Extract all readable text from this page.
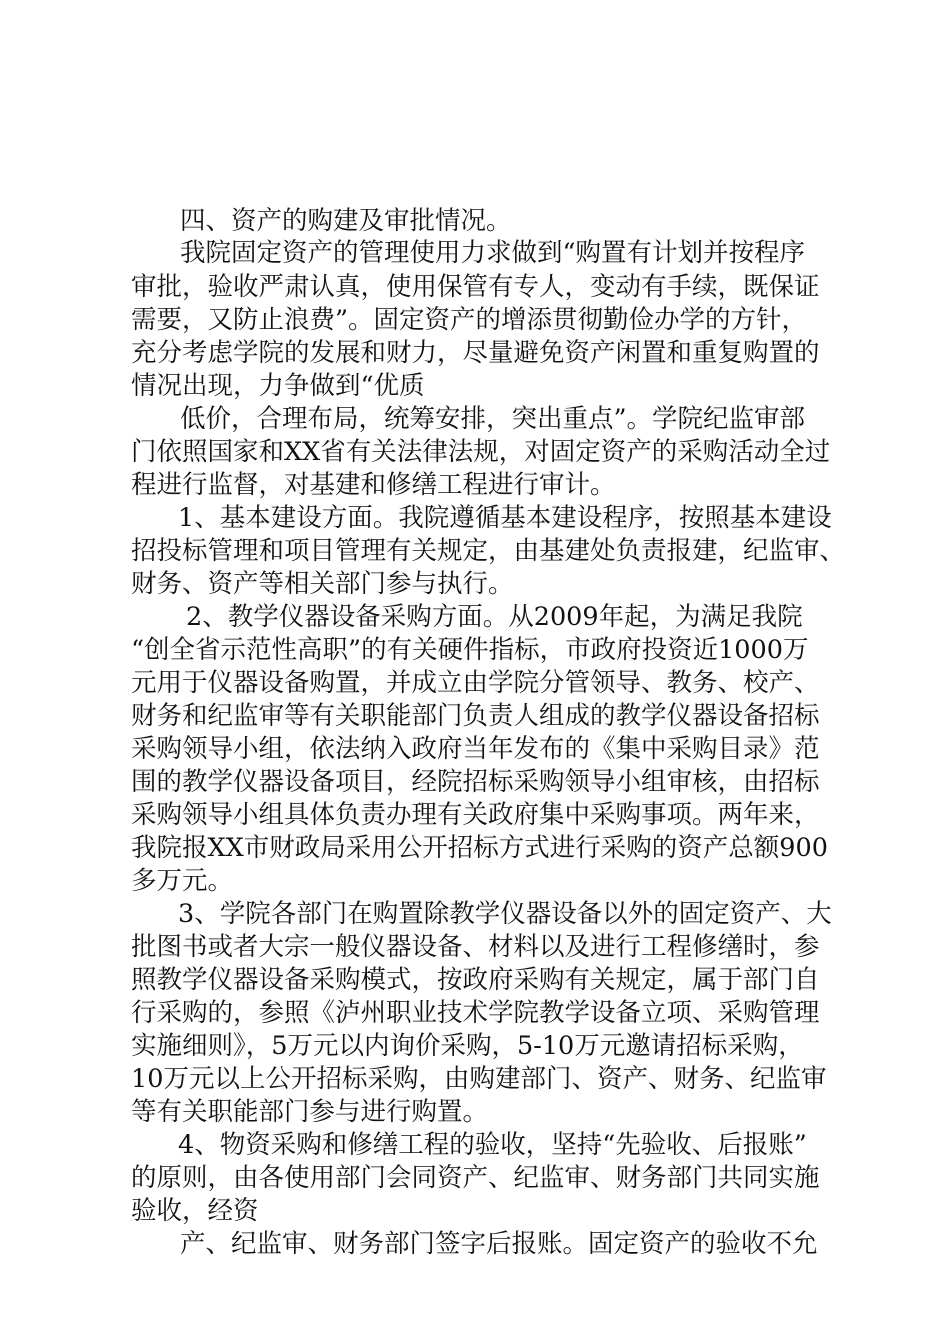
四、资产的购建及审批情况。
我院固定资产的管理使用力求做到“购置有计划并按程序
审批，验收严肃认真，使用保管有专人，变动有手续，既保证
需要，又防止浪费”。固定资产的增添贯彻勤俭办学的方针，
充分考虑学院的发展和财力，尽量避免资产闲置和重复购置的
情况出现，力争做到“优质
低价，合理布局，统筹安排，突出重点”。学院纪监审部
门依照国家和XX省有关法律法规，对固定资产的采购活动全过
程进行监督，对基建和修缮工程进行审计。
1、基本建设方面。我院遵循基本建设程序，按照基本建设
招投标管理和项目管理有关规定，由基建处负责报建，纪监审、
财务、资产等相关部门参与执行。
2、教学仪器设备采购方面。从2009年起，为满足我院
“创全省示范性高职”的有关硬件指标，市政府投资近1000万
元用于仪器设备购置，并成立由学院分管领导、教务、校产、
财务和纪监审等有关职能部门负责人组成的教学仪器设备招标
采购领导小组，依法纳入政府当年发布的《集中采购目录》范
围的教学仪器设备项目，经院招标采购领导小组审核，由招标
采购领导小组具体负责办理有关政府集中采购事项。两年来，
我院报XX市财政局采用公开招标方式进行采购的资产总额900
多万元。
3、学院各部门在购置除教学仪器设备以外的固定资产、大
批图书或者大宗一般仪器设备、材料以及进行工程修缮时，参
照教学仪器设备采购模式，按政府采购有关规定，属于部门自
行采购的，参照《泸州职业技术学院教学设备立项、采购管理
实施细则》，5万元以内询价采购，5-10万元邀请招标采购，
10万元以上公开招标采购，由购建部门、资产、财务、纪监审
等有关职能部门参与进行购置。
4、物资采购和修缮工程的验收，坚持“先验收、后报账”
的原则，由各使用部门会同资产、纪监审、财务部门共同实施
验收，经资
产、纪监审、财务部门签字后报账。固定资产的验收不允
